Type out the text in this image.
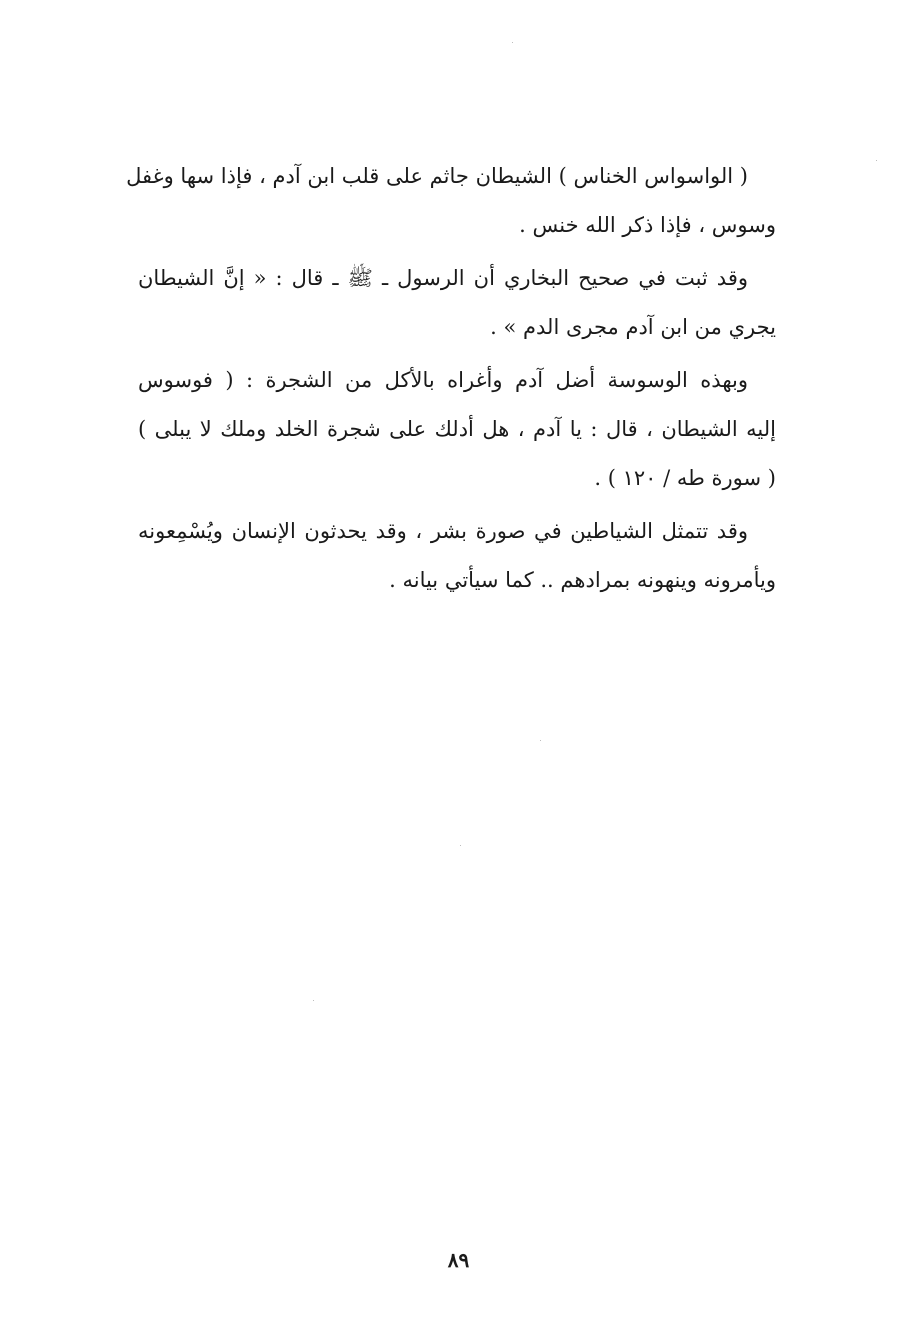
( الواسواس الخناس ) الشيطان جاثم على قلب ابن آدم ، فإذا سها وغفل
وسوس ، فإذا ذكر الله خنس .

وقد ثبت في صحيح البخاري أن الرسول ـ ﷺ ـ قال : « إنَّ الشيطان
يجري من ابن آدم مجرى الدم » .

وبهذه الوسوسة أضل آدم وأغراه بالأكل من الشجرة : ( فوسوس
إليه الشيطان ، قال : يا آدم ، هل أدلك على شجرة الخلد وملك لا يبلى )
( سورة طه / ١٢٠ ) .

وقد تتمثل الشياطين في صورة بشر ، وقد يحدثون الإنسان ويُسْمِعونه
ويأمرونه وينهونه بمرادهم .. كما سيأتي بيانه .

٨٩
